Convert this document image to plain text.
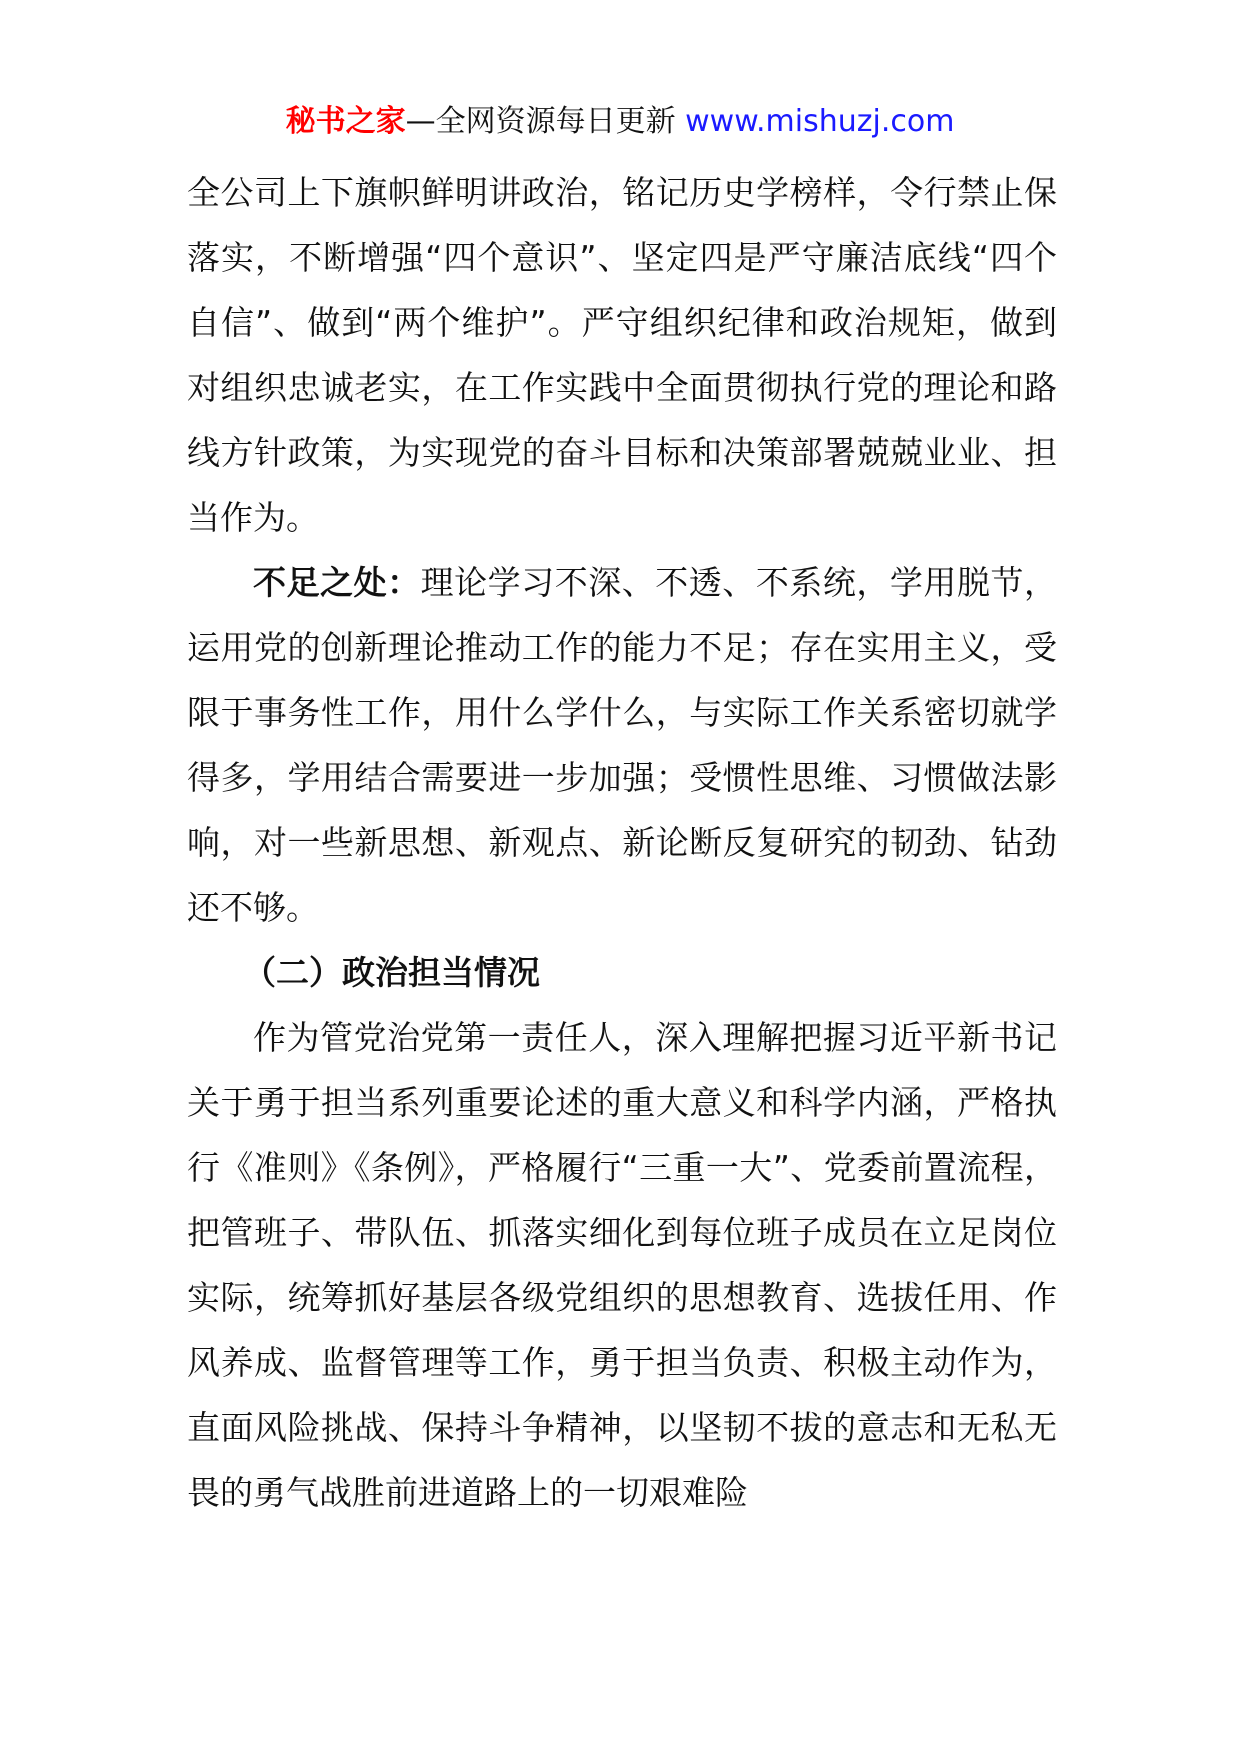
秘书之家—全网资源每日更新 www.mishuzj.com

全公司上下旗帜鲜明讲政治，铭记历史学榜样，令行禁止保落实，不断增强“四个意识”、坚定四是严守廉洁底线“四个自信”、做到“两个维护”。严守组织纪律和政治规矩，做到对组织忠诚老实，在工作实践中全面贯彻执行党的理论和路线方针政策，为实现党的奋斗目标和决策部署兢兢业业、担当作为。

不足之处：理论学习不深、不透、不系统，学用脱节，运用党的创新理论推动工作的能力不足；存在实用主义，受限于事务性工作，用什么学什么，与实际工作关系密切就学得多，学用结合需要进一步加强；受惯性思维、习惯做法影响，对一些新思想、新观点、新论断反复研究的韧劲、钻劲还不够。

（二）政治担当情况

作为管党治党第一责任人，深入理解把握习近平新书记关于勇于担当系列重要论述的重大意义和科学内涵，严格执行《准则》《条例》，严格履行“三重一大”、党委前置流程，把管班子、带队伍、抓落实细化到每位班子成员在立足岗位实际，统筹抓好基层各级党组织的思想教育、选拔任用、作风养成、监督管理等工作，勇于担当负责、积极主动作为，直面风险挑战、保持斗争精神，以坚韧不拔的意志和无私无畏的勇气战胜前进道路上的一切艰难险
